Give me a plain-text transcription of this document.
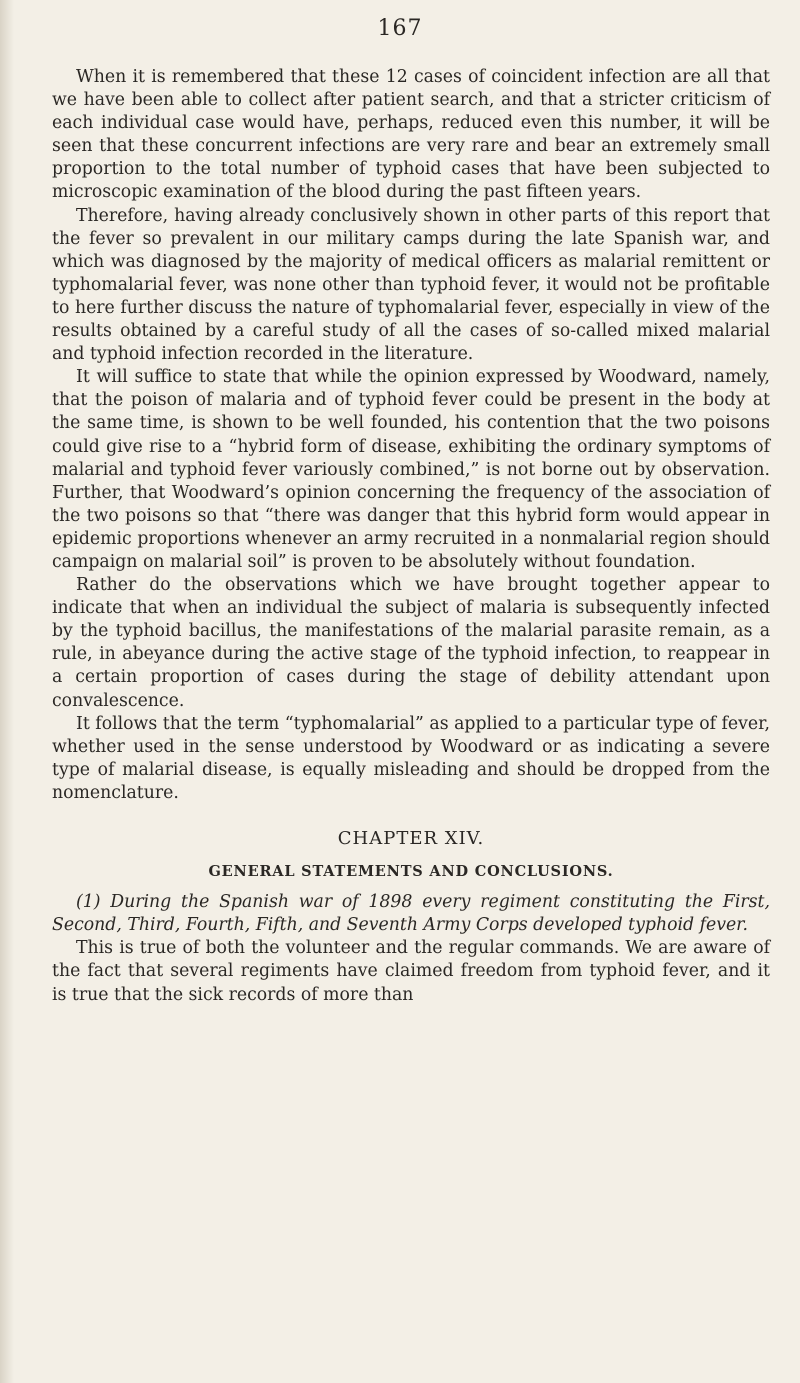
167

When it is remembered that these 12 cases of coincident infection are all that we have been able to collect after patient search, and that a stricter criticism of each individual case would have, perhaps, reduced even this number, it will be seen that these concurrent infections are very rare and bear an extremely small proportion to the total number of typhoid cases that have been subjected to microscopic examination of the blood during the past fifteen years.

Therefore, having already conclusively shown in other parts of this report that the fever so prevalent in our military camps during the late Spanish war, and which was diagnosed by the majority of medical officers as malarial remittent or typhomalarial fever, was none other than typhoid fever, it would not be profitable to here further discuss the nature of typhomalarial fever, especially in view of the results obtained by a careful study of all the cases of so-called mixed malarial and typhoid infection recorded in the literature.

It will suffice to state that while the opinion expressed by Woodward, namely, that the poison of malaria and of typhoid fever could be present in the body at the same time, is shown to be well founded, his contention that the two poisons could give rise to a “hybrid form of disease, exhibiting the ordinary symptoms of malarial and typhoid fever variously combined,” is not borne out by observation. Further, that Woodward’s opinion concerning the frequency of the association of the two poisons so that “there was danger that this hybrid form would appear in epidemic proportions whenever an army recruited in a nonmalarial region should campaign on malarial soil” is proven to be absolutely without foundation.

Rather do the observations which we have brought together appear to indicate that when an individual the subject of malaria is subsequently infected by the typhoid bacillus, the manifestations of the malarial parasite remain, as a rule, in abeyance during the active stage of the typhoid infection, to reappear in a certain proportion of cases during the stage of debility attendant upon convalescence.

It follows that the term “typhomalarial” as applied to a particular type of fever, whether used in the sense understood by Woodward or as indicating a severe type of malarial disease, is equally misleading and should be dropped from the nomenclature.

CHAPTER XIV.
GENERAL STATEMENTS AND CONCLUSIONS.

(1) During the Spanish war of 1898 every regiment constituting the First, Second, Third, Fourth, Fifth, and Seventh Army Corps developed typhoid fever.

This is true of both the volunteer and the regular commands. We are aware of the fact that several regiments have claimed freedom from typhoid fever, and it is true that the sick records of more than
